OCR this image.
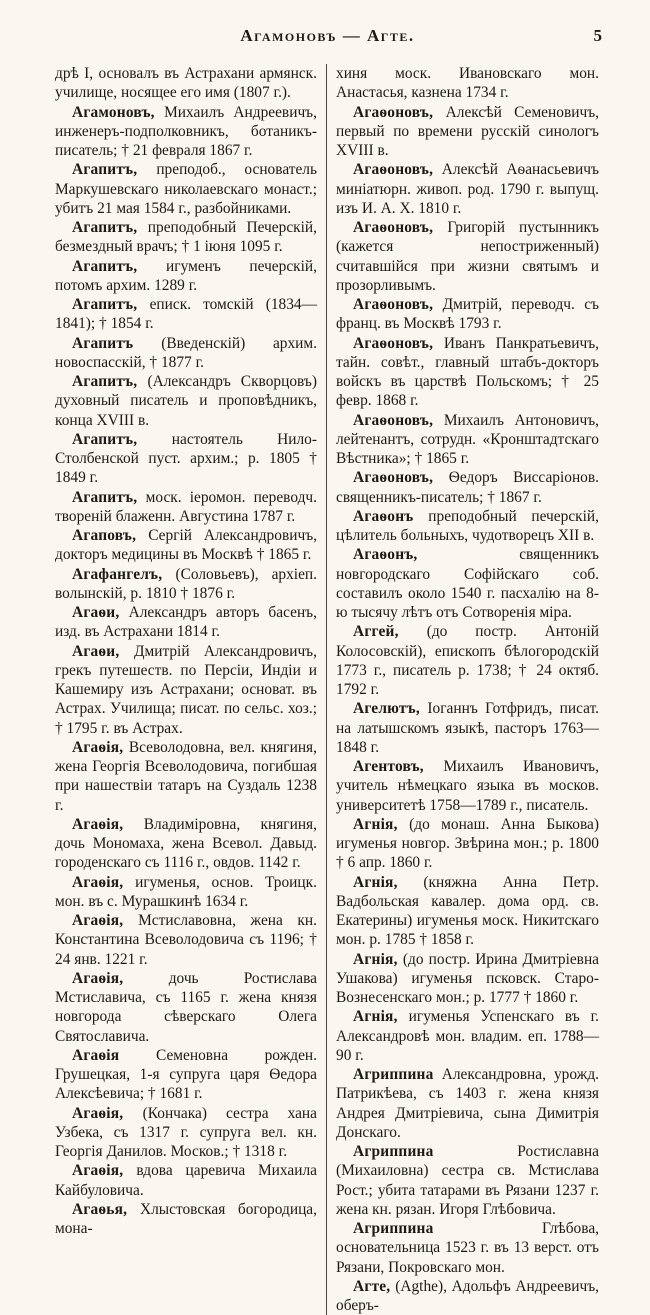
Агамоновъ — Агте.	5

дрѣ I, основалъ въ Астрахани армянск. училище, носящее его имя (1807 г.).

Агамоновъ, Михаилъ Андреевичъ, инженеръ-подполковникъ, ботаникъ-писатель; † 21 февраля 1867 г.

Агапитъ, преподоб., основатель Маркушевскаго николаевскаго монаст.; убитъ 21 мая 1584 г., разбойниками.

Агапитъ, преподобный Печерскій, безмездный врачъ; † 1 іюня 1095 г.

Агапитъ, игуменъ печерскій, потомъ архим. 1289 г.

Агапитъ, еписк. томскій (1834— 1841); † 1854 г.

Агапитъ (Введенскій) архим. новоспасскій, † 1877 г.

Агапитъ, (Александръ Скворцовъ) духовный писатель и проповѣдникъ, конца XVIII в.

Агапитъ, настоятель Нило-Столбенской пуст. архим.; р. 1805 † 1849 г.

Агапитъ, моск. іеромон. переводч. твореній блаженн. Августина 1787 г.

Агаповъ, Сергій Александровичъ, докторъ медицины въ Москвѣ † 1865 г.

Агафангелъ, (Соловьевъ), архіеп. волынскій, р. 1810 † 1876 г.

Агаѳи, Александръ авторъ басенъ, изд. въ Астрахани 1814 г.

Агаѳи, Дмитрій Александровичъ, грекъ путешеств. по Персіи, Индіи и Кашемиру изъ Астрахани; основат. въ Астрах. Училища; писат. по сельс. хоз.; † 1795 г. въ Астрах.

Агаѳія, Всеволодовна, вел. княгиня, жена Георгія Всеволодовича, погибшая при нашествіи татаръ на Суздаль 1238 г.

Агаѳія, Владиміровна, княгиня, дочь Мономаха, жена Всевол. Давыд. городенскаго съ 1116 г., овдов. 1142 г.

Агаѳія, игуменья, основ. Троицк. мон. въ с. Мурашкинѣ 1634 г.

Агаѳія, Мстиславовна, жена кн. Константина Всеволодовича съ 1196; † 24 янв. 1221 г.

Агаѳія, дочь Ростислава Мстиславича, съ 1165 г. жена князя новгорода сѣверскаго Олега Святославича.

Агаѳія Семеновна рожден. Грушецкая, 1-я супруга царя Ѳедора Алексѣевича; † 1681 г.

Агаѳія, (Кончака) сестра хана Узбека, съ 1317 г. супруга вел. кн. Георгія Данилов. Москов.; † 1318 г.

Агаѳія, вдова царевича Михаила Кайбуловича.

Агаѳья, Хлыстовская богородица, мона-

хиня моск. Ивановскаго мон. Анастасья, казнена 1734 г.

Агаѳоновъ, Алексѣй Семеновичъ, первый по времени русскій синологъ XVIII в.

Агаѳоновъ, Алексѣй Аѳанасьевичъ миніатюрн. живоп. род. 1790 г. выпущ. изъ И. А. Х. 1810 г.

Агаѳоновъ, Григорій пустынникъ (кажется непостриженный) считавшійся при жизни святымъ и прозорливымъ.

Агаѳоновъ, Дмитрій, переводч. съ франц. въ Москвѣ 1793 г.

Агаѳоновъ, Иванъ Панкратьевичъ, тайн. совѣт., главный штабъ-докторъ войскъ въ царствѣ Польскомъ; † 25 февр. 1868 г.

Агаѳоновъ, Михаилъ Антоновичъ, лейтенантъ, сотрудн. «Кронштадтскаго Вѣстника»; † 1865 г.

Агаѳоновъ, Ѳедоръ Виссаріонов. священникъ-писатель; † 1867 г.

Агаѳонъ преподобный печерскій, цѣлитель больныхъ, чудотворецъ XII в.

Агаѳонъ, священникъ новгородскаго Софійскаго соб. составилъ около 1540 г. пасхалію на 8-ю тысячу лѣтъ отъ Сотворенія міра.

Аггей, (до постр. Антоній Колосовскій), епископъ бѣлогородскій 1773 г., писатель р. 1738; † 24 октяб. 1792 г.

Агелютъ, Іоганнъ Готфридъ, писат. на латышскомъ языкѣ, пасторъ 1763—1848 г.

Агентовъ, Михаилъ Ивановичъ, учитель нѣмецкаго языка въ москов. университетѣ 1758—1789 г., писатель.

Агнія, (до монаш. Анна Быкова) игуменья новгор. Звѣрина мон.; р. 1800 † 6 апр. 1860 г.

Агнія, (княжна Анна Петр. Вадбольская кавалер. дома орд. св. Екатерины) игуменья моск. Никитскаго мон. р. 1785 † 1858 г.

Агнія, (до постр. Ирина Дмитріевна Ушакова) игуменья псковск. Старо-Вознесенскаго мон.; р. 1777 † 1860 г.

Агнія, игуменья Успенскаго въ г. Александровѣ мон. владим. еп. 1788—90 г.

Агриппина Александровна, урожд. Патрикѣева, съ 1403 г. жена князя Андрея Дмитріевича, сына Димитрія Донскаго.

Агриппина Ростиславна (Михаиловна) сестра св. Мстислава Рост.; убита татарами въ Рязани 1237 г. жена кн. рязан. Игоря Глѣбовича.

Агриппина Глѣбова, основательница 1523 г. въ 13 верст. отъ Рязани, Покровскаго мон.

Агте, (Agthe), Адольфъ Андреевичъ, оберъ-
